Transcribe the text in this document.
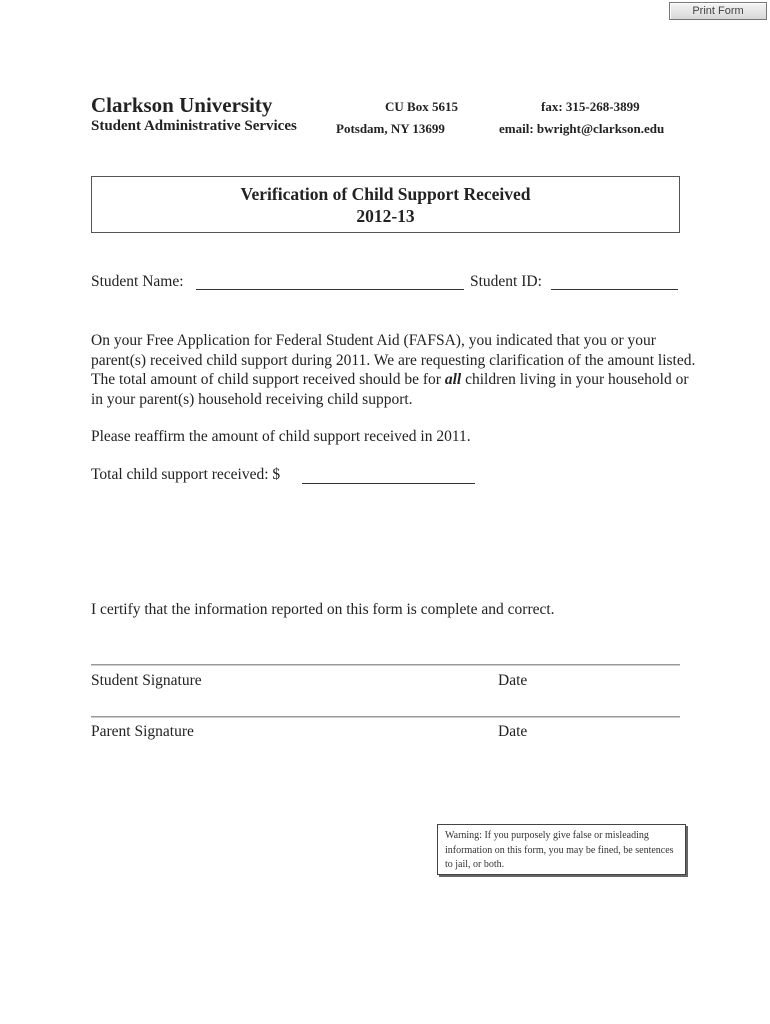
Print Form
Clarkson University
Student Administrative Services
CU Box 5615
Potsdam, NY 13699
fax: 315-268-3899
email: bwright@clarkson.edu
Verification of Child Support Received
2012-13
Student Name:	Student ID:
On your Free Application for Federal Student Aid (FAFSA), you indicated that you or your parent(s) received child support during 2011. We are requesting clarification of the amount listed. The total amount of child support received should be for all children living in your household or in your parent(s) household receiving child support.
Please reaffirm the amount of child support received in 2011.
Total child support received: $
I certify that the information reported on this form is complete and correct.
Student Signature	Date
Parent Signature	Date
Warning: If you purposely give false or misleading information on this form, you may be fined, be sentences to jail, or both.
